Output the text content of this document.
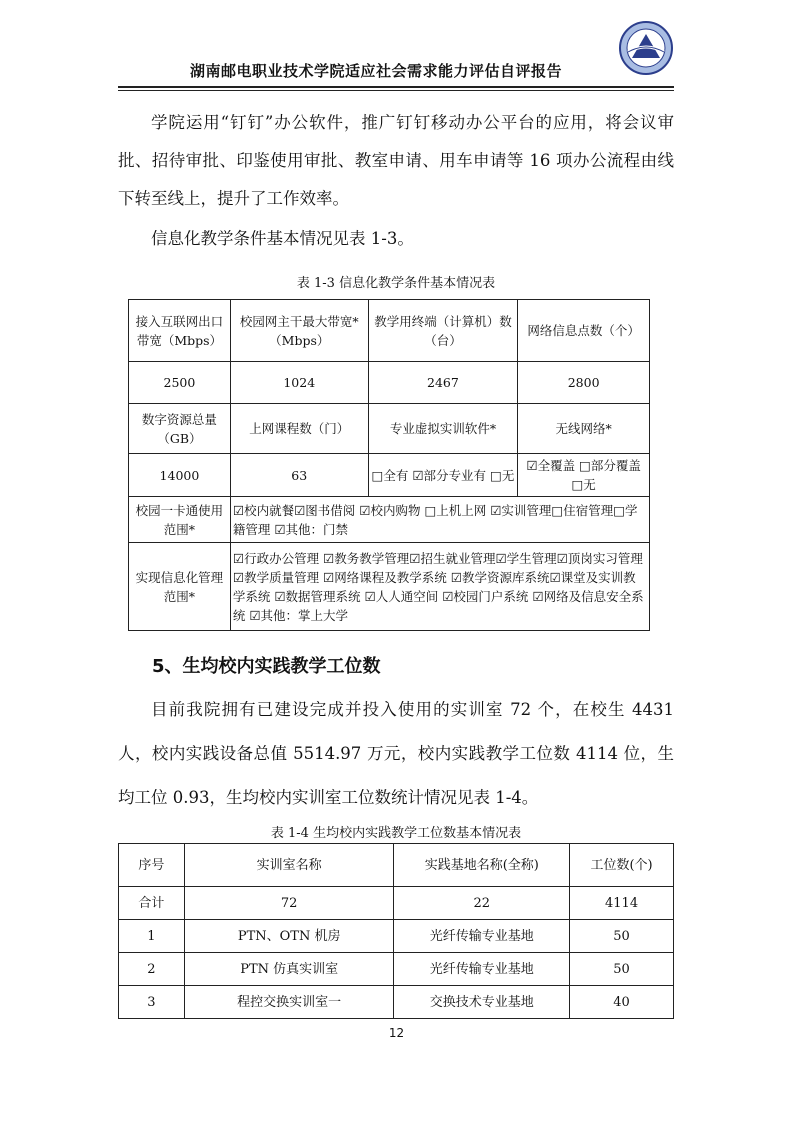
湖南邮电职业技术学院适应社会需求能力评估自评报告
学院运用“钉钉”办公软件，推广钉钉移动办公平台的应用，将会议审批、招待审批、印鉴使用审批、教室申请、用车申请等 16 项办公流程由线下转至线上，提升了工作效率。
信息化教学条件基本情况见表 1-3。
表 1-3 信息化教学条件基本情况表
接入互联网出口带宽（Mbps）	校园网主干最大带宽*（Mbps）	教学用终端（计算机）数（台）	网络信息点数（个）
2500	1024	2467	2800
数字资源总量（GB）	上网课程数（门）	专业虚拟实训软件*	无线网络*
14000	63	□全有 ☑部分专业有 □无	☑全覆盖 □部分覆盖 □无
校园一卡通使用范围*	☑校内就餐☑图书借阅 ☑校内购物 □上机上网 ☑实训管理□住宿管理□学籍管理 ☑其他：门禁		
实现信息化管理范围*	☑行政办公管理 ☑教务教学管理☑招生就业管理☑学生管理☑顶岗实习管理 ☑教学质量管理 ☑网络课程及教学系统 ☑教学资源库系统☑课堂及实训教学系统 ☑数据管理系统 ☑人人通空间 ☑校园门户系统 ☑网络及信息安全系统 ☑其他：掌上大学		
5、生均校内实践教学工位数
目前我院拥有已建设完成并投入使用的实训室 72 个，在校生 4431 人，校内实践设备总值 5514.97 万元，校内实践教学工位数 4114 位，生均工位 0.93，生均校内实训室工位数统计情况见表 1-4。
表 1-4 生均校内实践教学工位数基本情况表
序号	实训室名称	实践基地名称(全称)	工位数(个)
合计	72	22	4114
1	PTN、OTN 机房	光纤传输专业基地	50
2	PTN 仿真实训室	光纤传输专业基地	50
3	程控交换实训室一	交换技术专业基地	40
12
